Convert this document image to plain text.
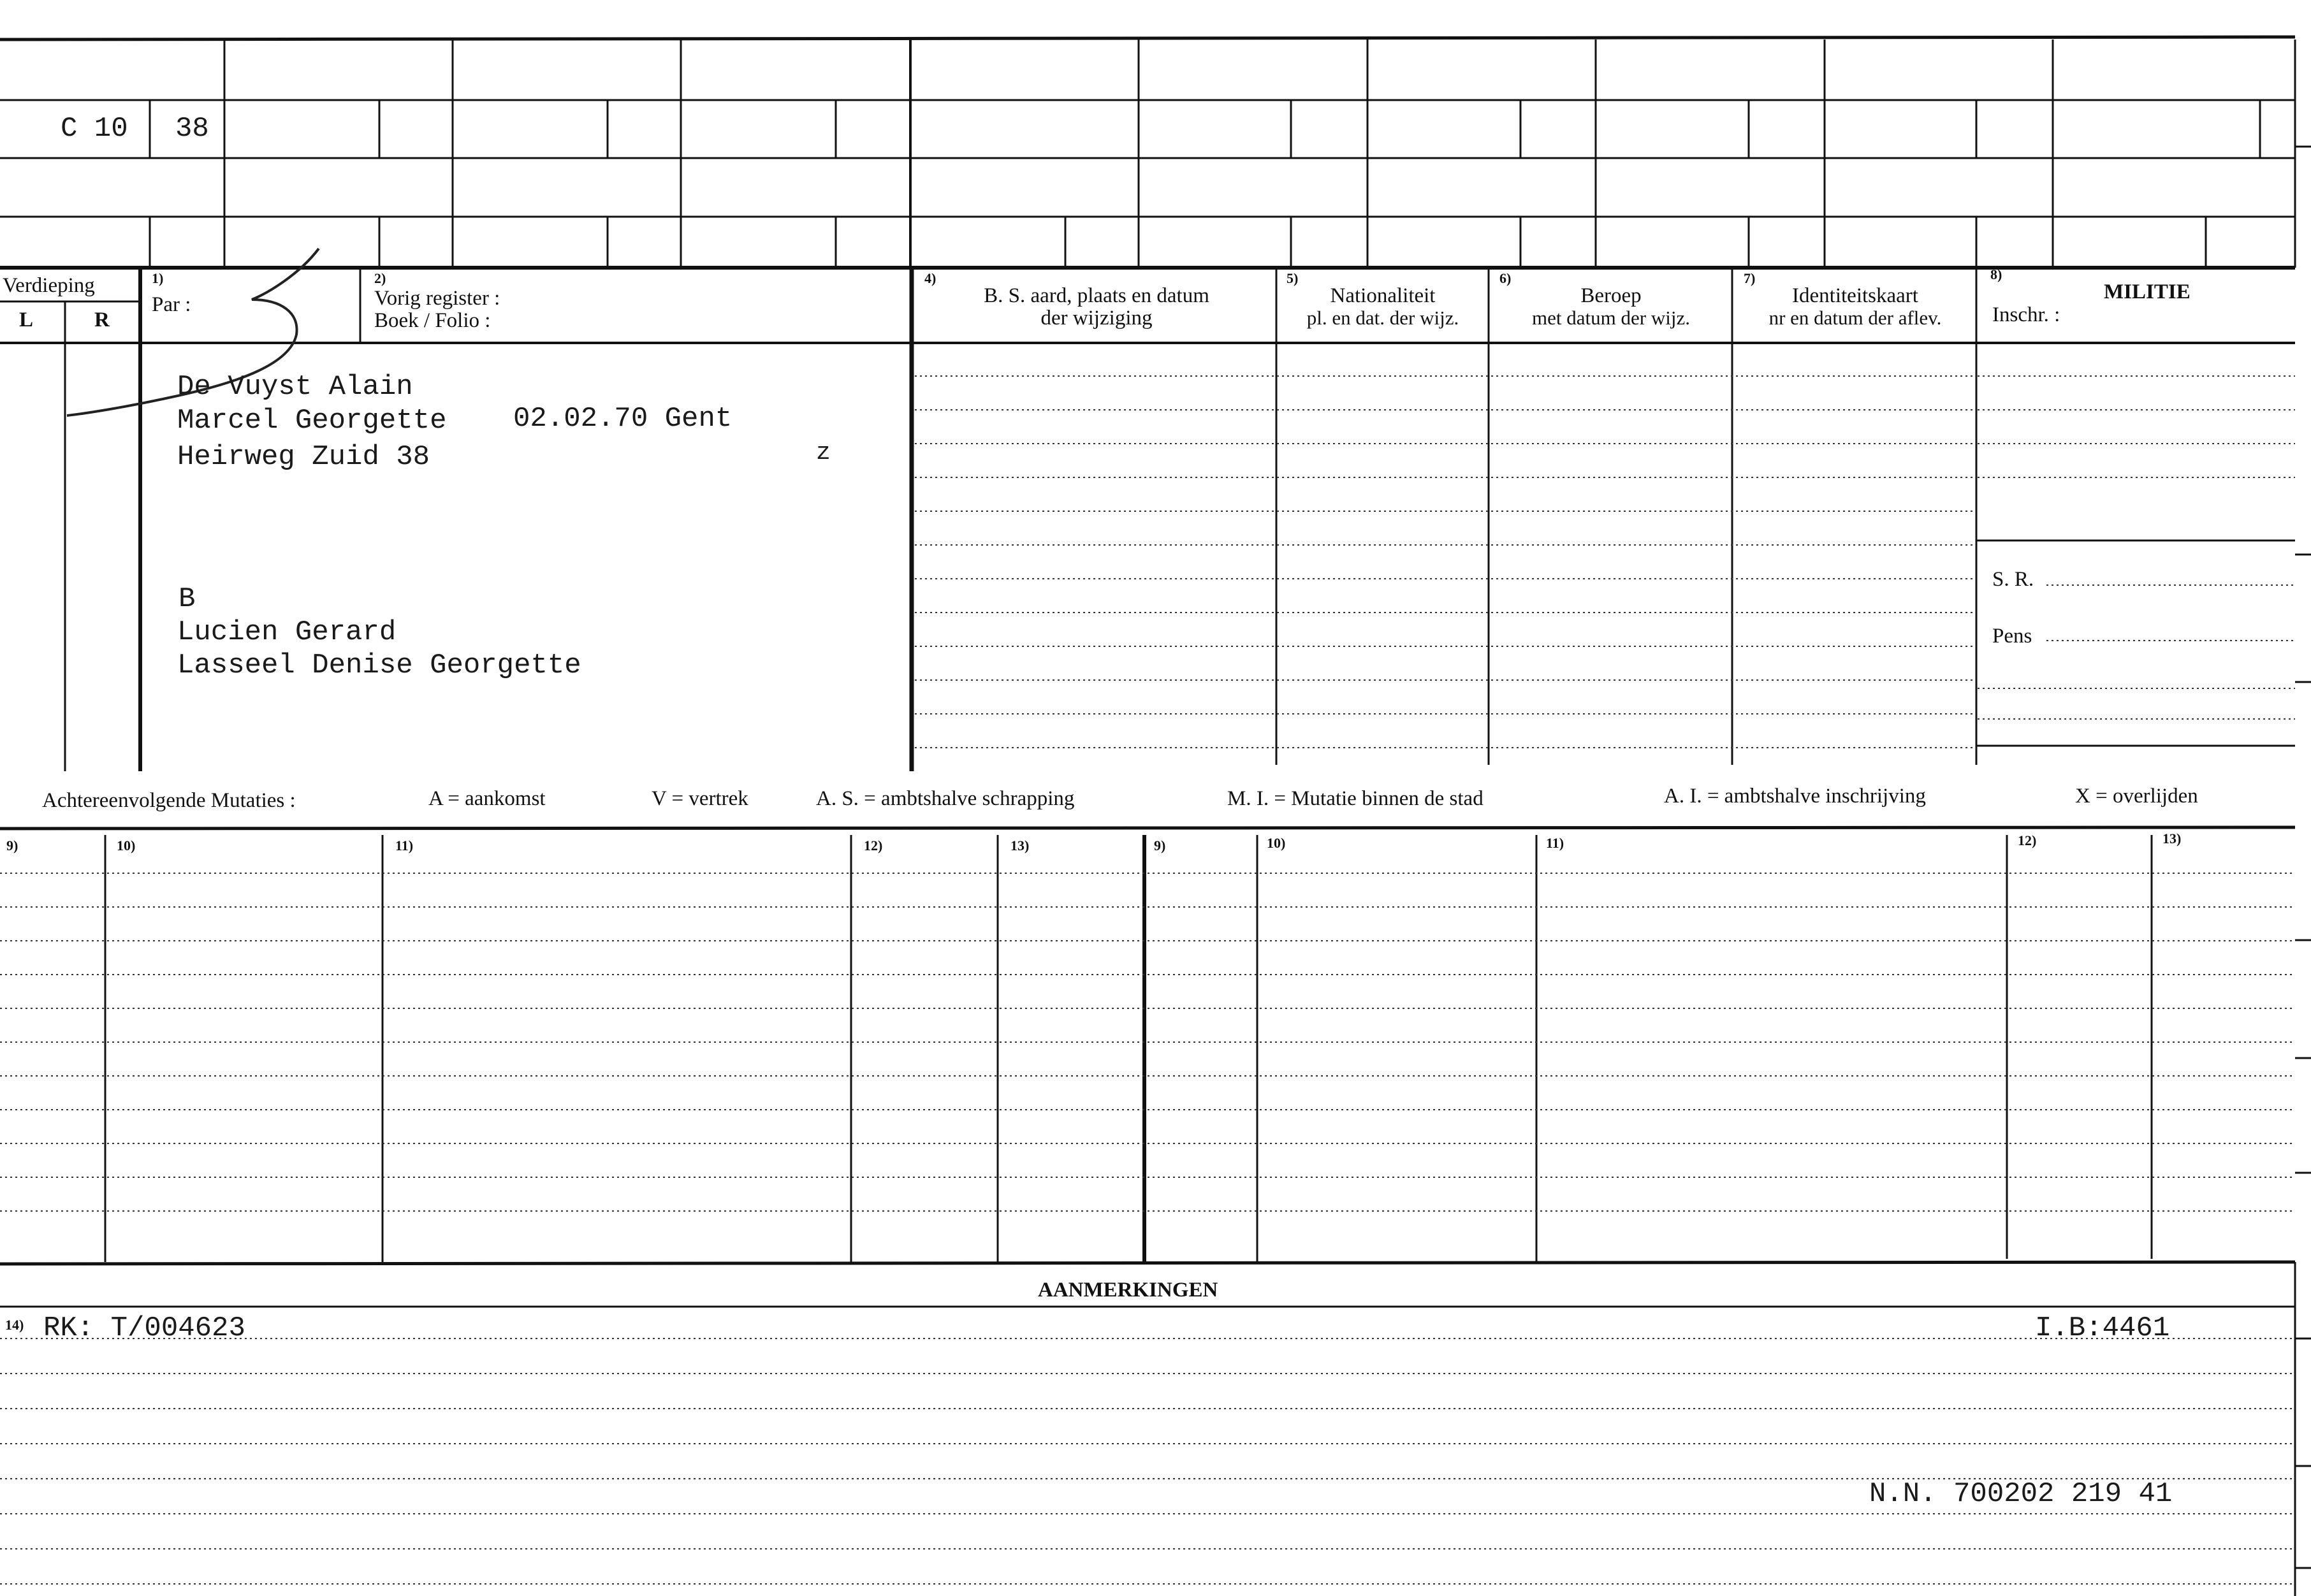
C 10 38
Verdieping
L	R
1)
Par :
2)
Vorig register :
Boek / Folio :
4)
B. S. aard, plaats en datum
der wijziging
5)
Nationaliteit
pl. en dat. der wijz.
6)
Beroep
met datum der wijz.
7)
Identiteitskaart
nr en datum der aflev.
8)
MILITIE
Inschr. :
S. R.
Pens
De Vuyst Alain
Marcel Georgette 02.02.70 Gent
Heirweg Zuid 38	z
B
Lucien Gerard
Lasseel Denise Georgette
Achtereenvolgende Mutaties :	A = aankomst	V = vertrek	A. S. = ambtshalve schrapping	M. I. = Mutatie binnen de stad	A. I. = ambtshalve inschrijving	X = overlijden
9)	10)	11)	12)	13)	9)	10)	11)	12)	13)
AANMERKINGEN
14) RK: T/004623	I.B:4461
N.N. 700202 219 41
